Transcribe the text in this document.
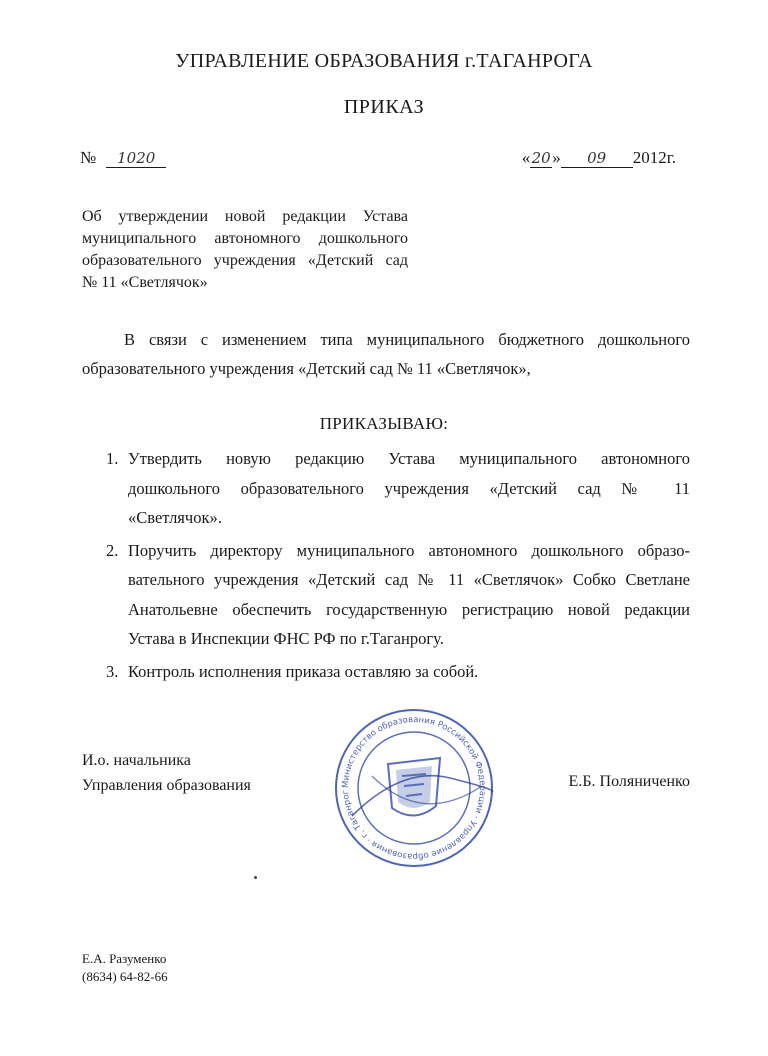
УПРАВЛЕНИЕ ОБРАЗОВАНИЯ г.ТАГАНРОГА
ПРИКАЗ
№ 1020	«20» 09 2012г.
Об утверждении новой редакции Устава
муниципального автономного дошкольного
образовательного учреждения «Детский сад
№ 11 «Светлячок»
В связи с изменением типа муниципального бюджетного дошкольного
образовательного учреждения «Детский сад № 11 «Светлячок»,
ПРИКАЗЫВАЮ:
1. Утвердить новую редакцию Устава муниципального автономного
дошкольного образовательного учреждения «Детский сад № 11
«Светлячок».
2. Поручить директору муниципального автономного дошкольного образо-
вательного учреждения «Детский сад № 11 «Светлячок» Собко Светлане
Анатольевне обеспечить государственную регистрацию новой редакции
Устава в Инспекции ФНС РФ по г.Таганрогу.
3. Контроль исполнения приказа оставляю за собой.
И.о. начальника
Управления образования	Е.Б. Поляниченко
Министерство образования Российской Федерации · Управление образования · г. Таганрог
Е.А. Разуменко
(8634) 64-82-66
